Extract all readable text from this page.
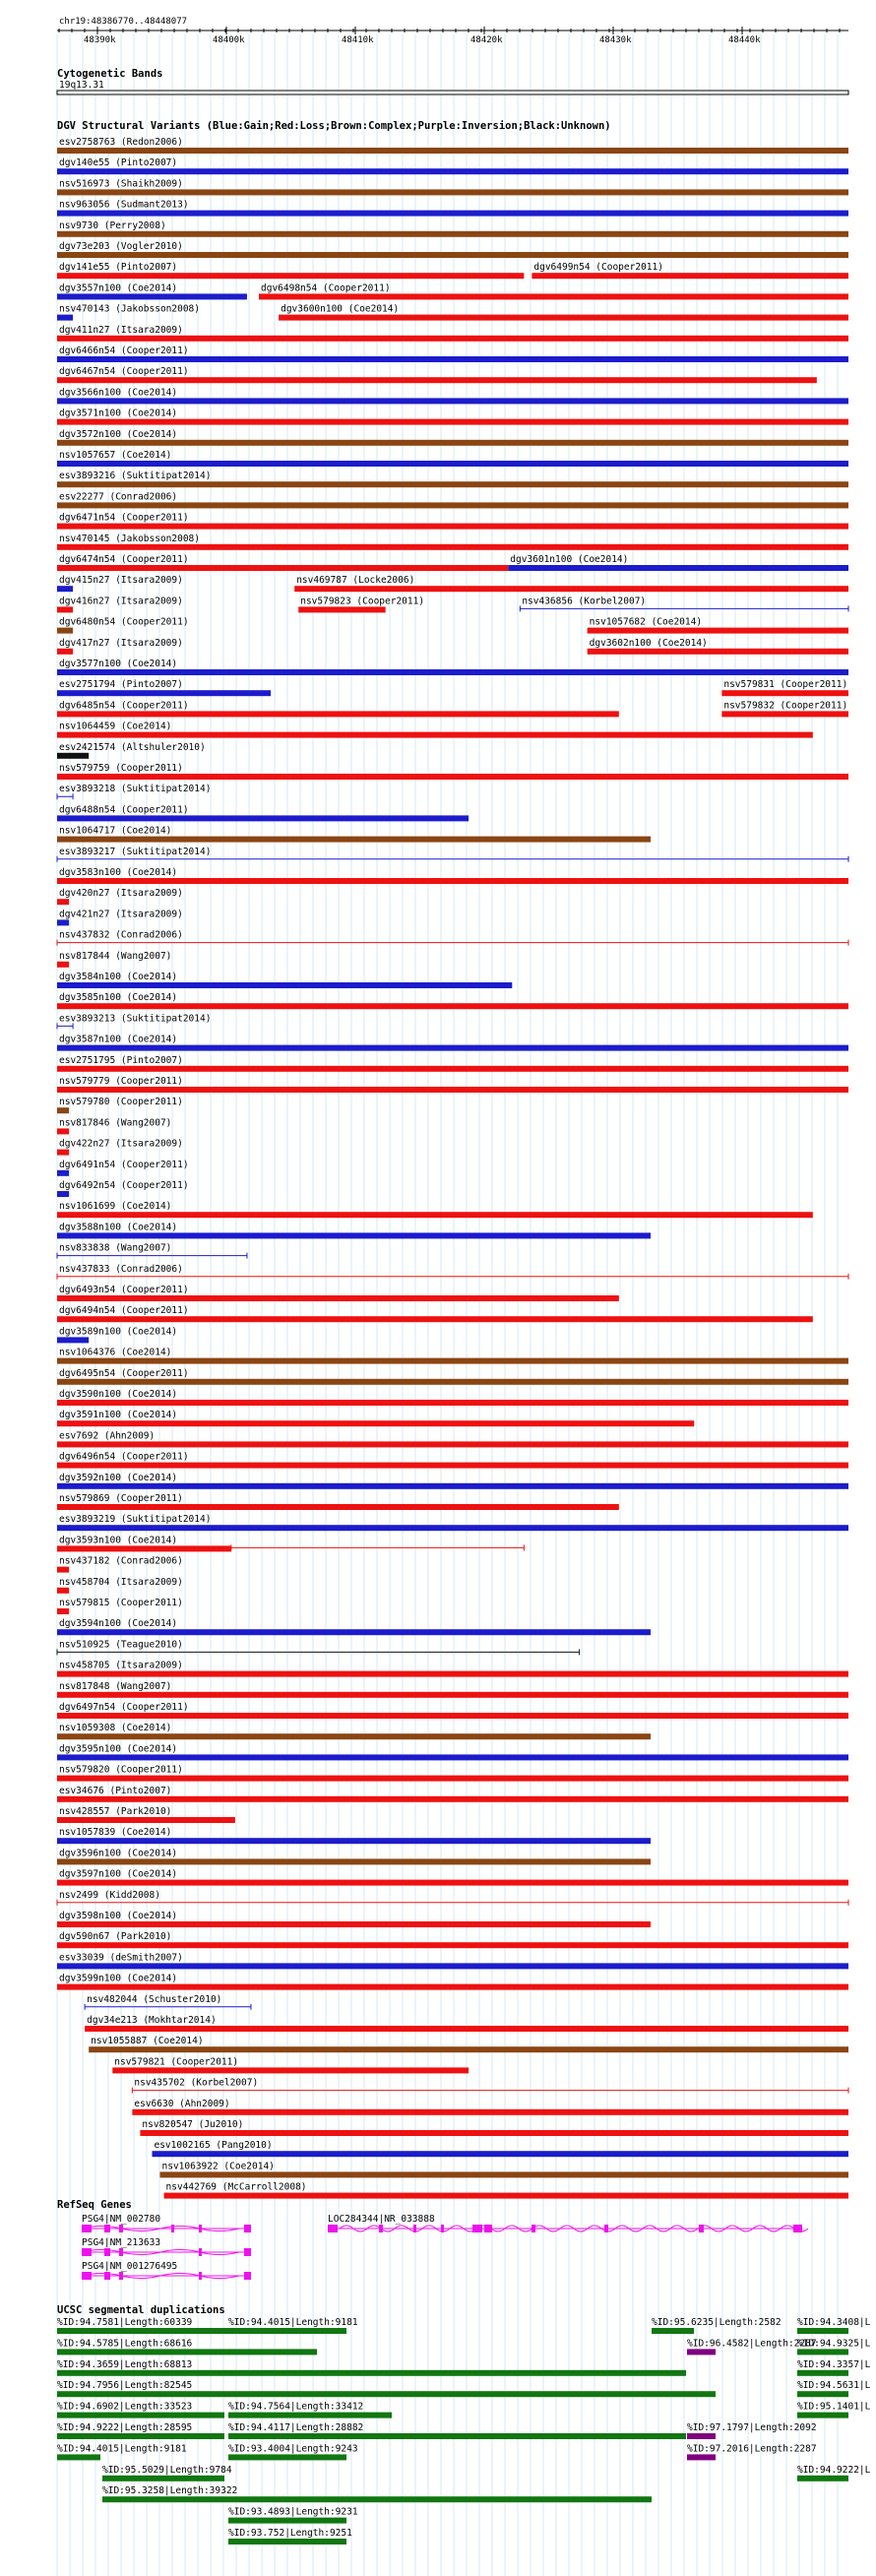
chr19:48386770..48448077
48390k	48400k	48410k	48420k	48430k	48440k
Cytogenetic Bands
19q13.31
DGV Structural Variants (Blue:Gain;Red:Loss;Brown:Complex;Purple:Inversion;Black:Unknown)
esv2758763 (Redon2006)
dgv140e55 (Pinto2007)
nsv516973 (Shaikh2009)
nsv963056 (Sudmant2013)
nsv9730 (Perry2008)
dgv73e203 (Vogler2010)
dgv141e55 (Pinto2007)	dgv6499n54 (Cooper2011)
dgv3557n100 (Coe2014)	dgv6498n54 (Cooper2011)
nsv470143 (Jakobsson2008)	dgv3600n100 (Coe2014)
dgv411n27 (Itsara2009)
dgv6466n54 (Cooper2011)
dgv6467n54 (Cooper2011)
dgv3566n100 (Coe2014)
dgv3571n100 (Coe2014)
dgv3572n100 (Coe2014)
nsv1057657 (Coe2014)
esv3893216 (Suktitipat2014)
esv22277 (Conrad2006)
dgv6471n54 (Cooper2011)
nsv470145 (Jakobsson2008)
dgv6474n54 (Cooper2011)	dgv3601n100 (Coe2014)
dgv415n27 (Itsara2009)	nsv469787 (Locke2006)
dgv416n27 (Itsara2009)	nsv579823 (Cooper2011)	nsv436856 (Korbel2007)
dgv6480n54 (Cooper2011)	nsv1057682 (Coe2014)
dgv417n27 (Itsara2009)	dgv3602n100 (Coe2014)
dgv3577n100 (Coe2014)
esv2751794 (Pinto2007)	nsv579831 (Cooper2011)
dgv6485n54 (Cooper2011)	nsv579832 (Cooper2011)
nsv1064459 (Coe2014)
esv2421574 (Altshuler2010)
nsv579759 (Cooper2011)
esv3893218 (Suktitipat2014)
dgv6488n54 (Cooper2011)
nsv1064717 (Coe2014)
esv3893217 (Suktitipat2014)
dgv3583n100 (Coe2014)
dgv420n27 (Itsara2009)
dgv421n27 (Itsara2009)
nsv437832 (Conrad2006)
nsv817844 (Wang2007)
dgv3584n100 (Coe2014)
dgv3585n100 (Coe2014)
esv3893213 (Suktitipat2014)
dgv3587n100 (Coe2014)
esv2751795 (Pinto2007)
nsv579779 (Cooper2011)
nsv579780 (Cooper2011)
nsv817846 (Wang2007)
dgv422n27 (Itsara2009)
dgv6491n54 (Cooper2011)
dgv6492n54 (Cooper2011)
nsv1061699 (Coe2014)
dgv3588n100 (Coe2014)
nsv833838 (Wang2007)
nsv437833 (Conrad2006)
dgv6493n54 (Cooper2011)
dgv6494n54 (Cooper2011)
dgv3589n100 (Coe2014)
nsv1064376 (Coe2014)
dgv6495n54 (Cooper2011)
dgv3590n100 (Coe2014)
dgv3591n100 (Coe2014)
esv7692 (Ahn2009)
dgv6496n54 (Cooper2011)
dgv3592n100 (Coe2014)
nsv579869 (Cooper2011)
esv3893219 (Suktitipat2014)
dgv3593n100 (Coe2014)
nsv437182 (Conrad2006)
nsv458704 (Itsara2009)
nsv579815 (Cooper2011)
dgv3594n100 (Coe2014)
nsv510925 (Teague2010)
nsv458705 (Itsara2009)
nsv817848 (Wang2007)
dgv6497n54 (Cooper2011)
nsv1059308 (Coe2014)
dgv3595n100 (Coe2014)
nsv579820 (Cooper2011)
esv34676 (Pinto2007)
nsv428557 (Park2010)
nsv1057839 (Coe2014)
dgv3596n100 (Coe2014)
dgv3597n100 (Coe2014)
nsv2499 (Kidd2008)
dgv3598n100 (Coe2014)
dgv590n67 (Park2010)
esv33039 (deSmith2007)
dgv3599n100 (Coe2014)
nsv482044 (Schuster2010)
dgv34e213 (Mokhtar2014)
nsv1055887 (Coe2014)
nsv579821 (Cooper2011)
nsv435702 (Korbel2007)
esv6630 (Ahn2009)
nsv820547 (Ju2010)
esv1002165 (Pang2010)
nsv1063922 (Coe2014)
nsv442769 (McCarroll2008)
RefSeq Genes
PSG4|NM_002780
PSG4|NM_213633
PSG4|NM_001276495
LOC284344|NR_033888
UCSC segmental duplications
%ID:94.7581|Length:60339	%ID:94.4015|Length:9181	%ID:95.6235|Length:2582 %ID:94.3408|L
%ID:94.5785|Length:68616	%ID:96.4582|Length:2287
%ID:94.9325|L
%ID:94.3659|Length:68813	%ID:94.3357|L
%ID:94.7956|Length:82545	%ID:94.5631|L
%ID:94.6902|Length:33523	%ID:94.7564|Length:33412	%ID:95.1401|L
%ID:94.9222|Length:28595	%ID:94.4117|Length:28882	%ID:97.1797|Length:2092
%ID:94.4015|Length:9181	%ID:93.4004|Length:9243	%ID:97.2016|Length:2287
%ID:95.5029|Length:9784	%ID:94.9222|L
%ID:95.3258|Length:39322
%ID:93.4893|Length:9231
%ID:93.752|Length:9251
